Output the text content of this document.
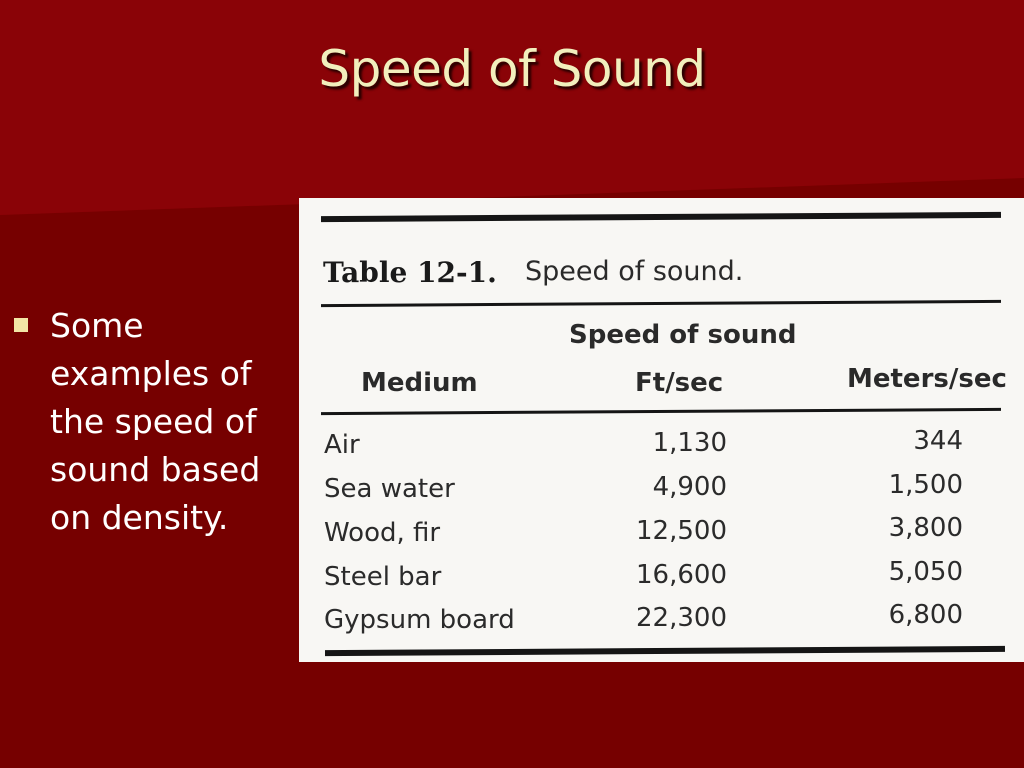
Speed of Sound
Some
examples of
the speed of
sound based
on density.
Table 12-1. Speed of sound.
Speed of sound
Medium	Ft/sec	Meters/sec
Air	1,130	344
Sea water	4,900	1,500
Wood, fir	12,500	3,800
Steel bar	16,600	5,050
Gypsum board	22,300	6,800
